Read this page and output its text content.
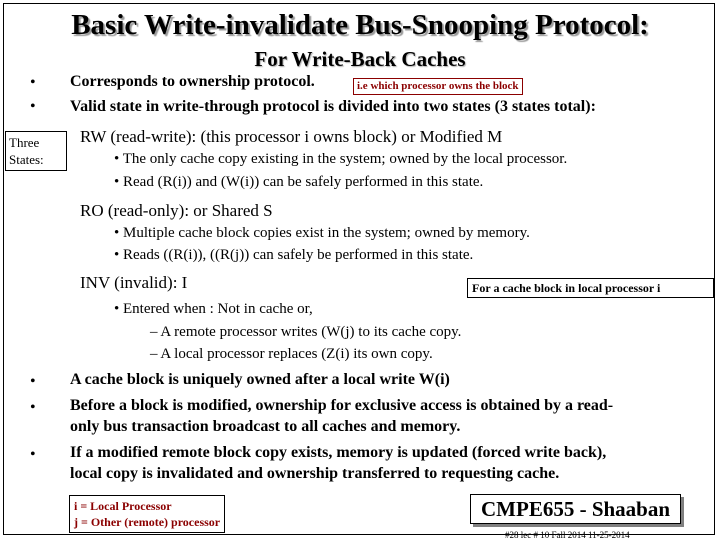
Basic Write-invalidate Bus-Snooping Protocol:
For Write-Back Caches
• Corresponds to ownership protocol.	i.e which processor owns the block
• Valid state in write-through protocol is divided into two states (3 states total):
Three
States:
RW (read-write): (this processor i owns block) or Modified M
• The only cache copy existing in the system; owned by the local processor.
• Read (R(i)) and (W(i)) can be safely performed in this state.
RO (read-only): or Shared S
• Multiple cache block copies exist in the system; owned by memory.
• Reads ((R(i)), ((R(j)) can safely be performed in this state.
INV (invalid): I	For a cache block in local processor i
• Entered when : Not in cache or,
– A remote processor writes (W(j) to its cache copy.
– A local processor replaces (Z(i) its own copy.
• A cache block is uniquely owned after a local write W(i)
• Before a block is modified, ownership for exclusive access is obtained by a read-
only bus transaction broadcast to all caches and memory.
• If a modified remote block copy exists, memory is updated (forced write back),
local copy is invalidated and ownership transferred to requesting cache.
i = Local Processor
j = Other (remote) processor
CMPE655 - Shaaban
#28 lec # 10 Fall 2014 11-25-2014
